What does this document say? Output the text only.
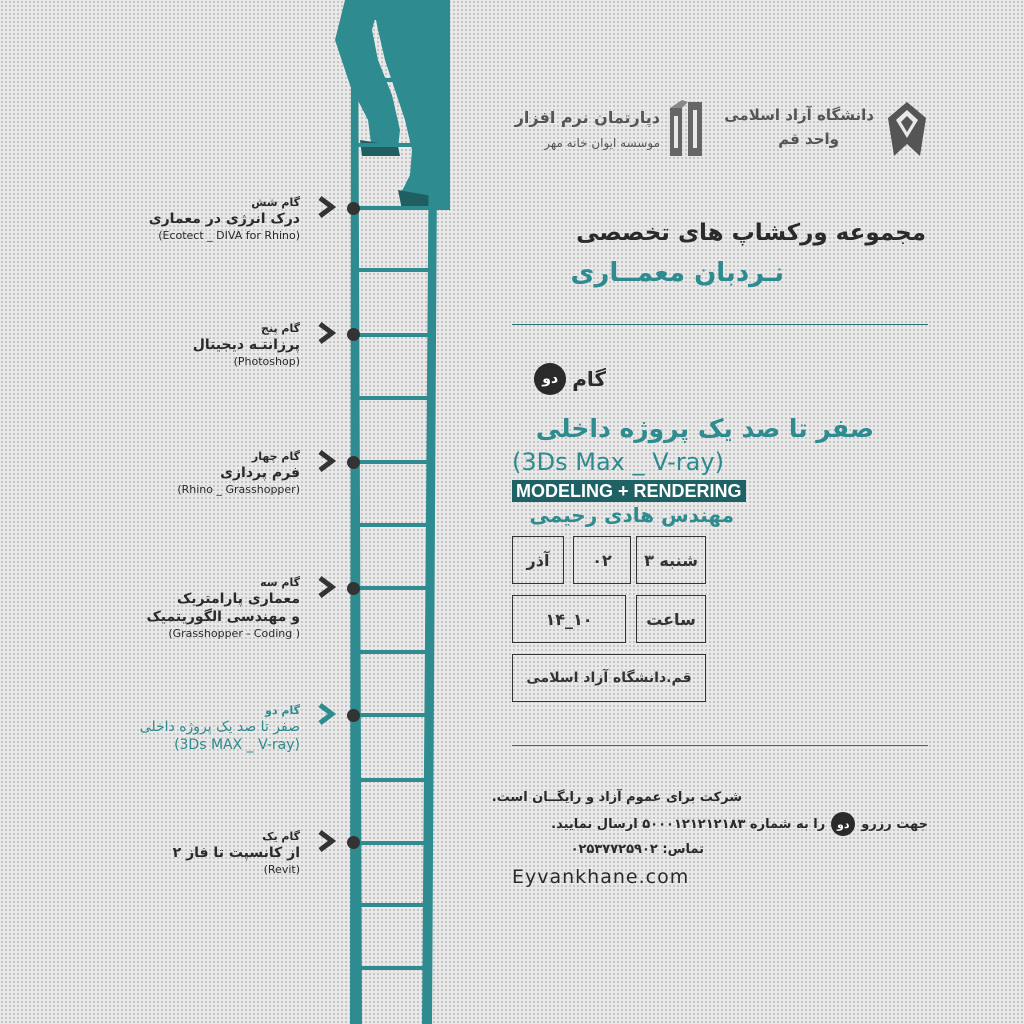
گام شش
درک انرژی در معماری
(Ecotect _ DIVA for Rhino)
گام پنج
پرزانتـه دیجیتال
(Photoshop)
گام چهار
فرم پردازی
(Rhino _ Grasshopper)
گام سه
معماری پارامتریک
و مهندسی الگوریتمیک
(Grasshopper - Coding )
گام دو
صفر تا صد یک پروژه داخلی
(3Ds MAX _ V-ray)
گام یک
از کانسپت تا فاز ۲
(Revit)
دانشگاه آزاد اسلامی
واحد قم
دپارتمان نرم افزار
موسسه ایوان خانه مهر
مجموعه ورکشاپ های تخصصی
نـردبان معمــاری
گام
دو
صفر تا صد یک پروژه داخلی
(3Ds Max _ V-ray)
MODELING + RENDERING
مهندس هادی رحیمی
آذر	۰۲	۳ شنبه
۱۴_۱۰	ساعت
قم.دانشگاه آزاد اسلامی
شرکت برای عموم آزاد و رایگــان است.
جهت رزرو
دو
را به شماره ۵۰۰۰۱۲۱۲۱۲۱۸۳ ارسال نمایید.
تماس: ۰۲۵۳۷۷۲۵۹۰۲
Eyvankhane.com
